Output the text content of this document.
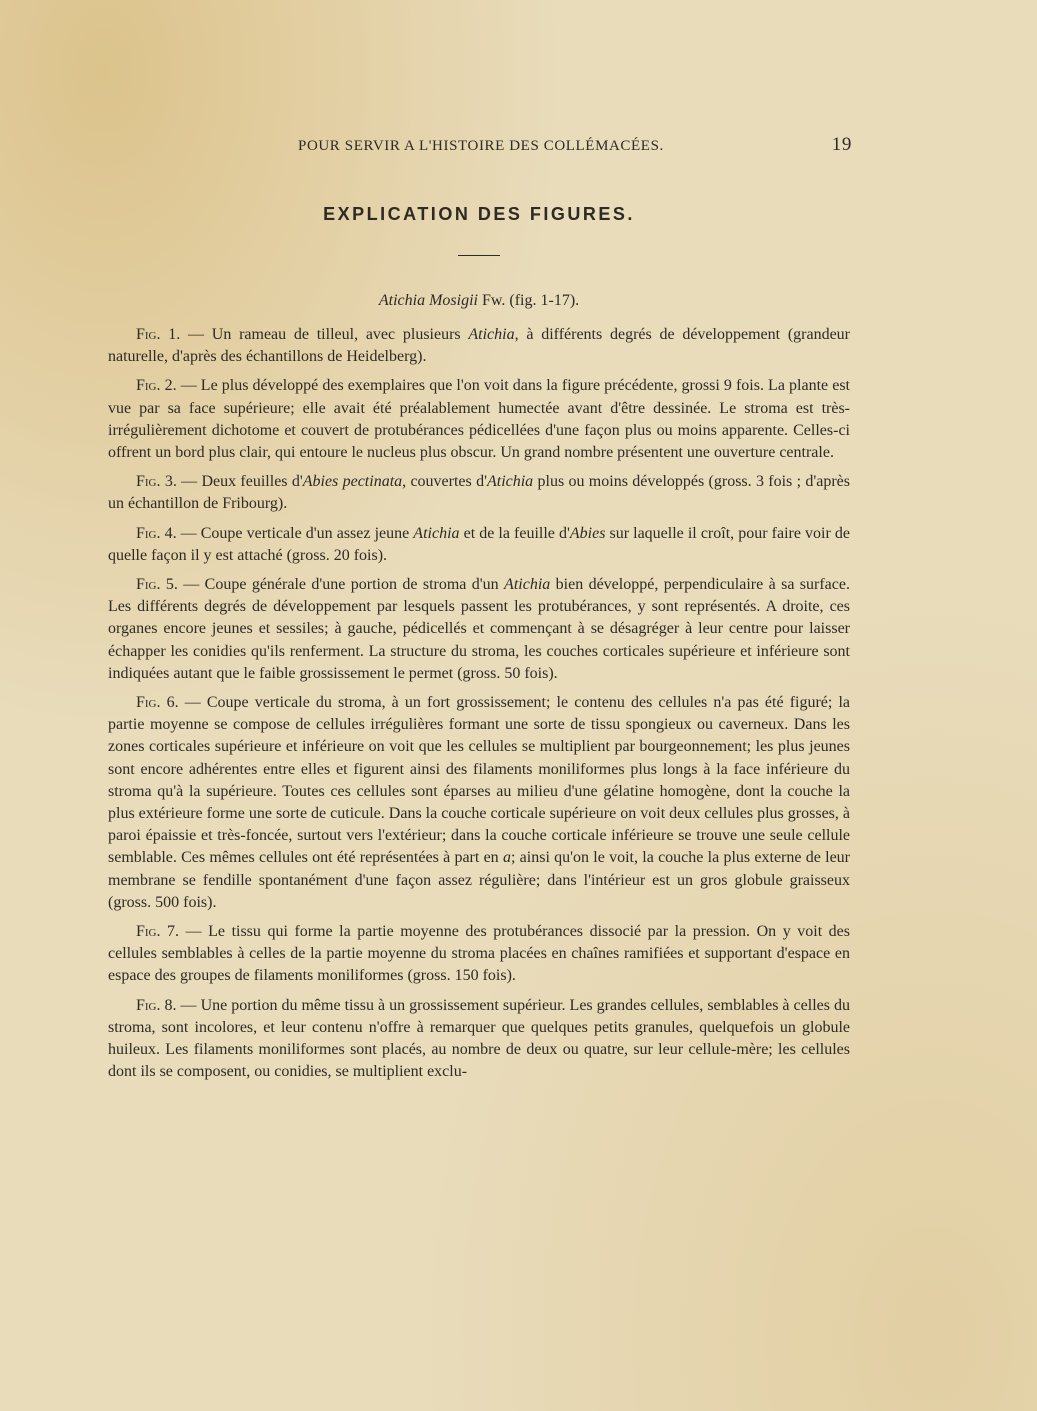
POUR SERVIR A L'HISTOIRE DES COLLÉMACÉES.	19
EXPLICATION DES FIGURES.
Atichia Mosigii Fw. (fig. 1-17).

Fig. 1. — Un rameau de tilleul, avec plusieurs Atichia, à différents degrés de développement (grandeur naturelle, d'après des échantillons de Heidelberg).

Fig. 2. — Le plus développé des exemplaires que l'on voit dans la figure précédente, grossi 9 fois. La plante est vue par sa face supérieure; elle avait été préalablement humectée avant d'être dessinée. Le stroma est très-irrégulièrement dichotome et couvert de protubérances pédicellées d'une façon plus ou moins apparente. Celles-ci offrent un bord plus clair, qui entoure le nucleus plus obscur. Un grand nombre présentent une ouverture centrale.

Fig. 3. — Deux feuilles d'Abies pectinata, couvertes d'Atichia plus ou moins développés (gross. 3 fois ; d'après un échantillon de Fribourg).

Fig. 4. — Coupe verticale d'un assez jeune Atichia et de la feuille d'Abies sur laquelle il croît, pour faire voir de quelle façon il y est attaché (gross. 20 fois).

Fig. 5. — Coupe générale d'une portion de stroma d'un Atichia bien développé, perpendiculaire à sa surface. Les différents degrés de développement par lesquels passent les protubérances, y sont représentés. A droite, ces organes encore jeunes et sessiles; à gauche, pédicellés et commençant à se désagréger à leur centre pour laisser échapper les conidies qu'ils renferment. La structure du stroma, les couches corticales supérieure et inférieure sont indiquées autant que le faible grossissement le permet (gross. 50 fois).

Fig. 6. — Coupe verticale du stroma, à un fort grossissement; le contenu des cellules n'a pas été figuré; la partie moyenne se compose de cellules irrégulières formant une sorte de tissu spongieux ou caverneux. Dans les zones corticales supérieure et inférieure on voit que les cellules se multiplient par bourgeonnement; les plus jeunes sont encore adhérentes entre elles et figurent ainsi des filaments moniliformes plus longs à la face inférieure du stroma qu'à la supérieure. Toutes ces cellules sont éparses au milieu d'une gélatine homogène, dont la couche la plus extérieure forme une sorte de cuticule. Dans la couche corticale supérieure on voit deux cellules plus grosses, à paroi épaissie et très-foncée, surtout vers l'extérieur; dans la couche corticale inférieure se trouve une seule cellule semblable. Ces mêmes cellules ont été représentées à part en a; ainsi qu'on le voit, la couche la plus externe de leur membrane se fendille spontanément d'une façon assez régulière; dans l'intérieur est un gros globule graisseux (gross. 500 fois).

Fig. 7. — Le tissu qui forme la partie moyenne des protubérances dissocié par la pression. On y voit des cellules semblables à celles de la partie moyenne du stroma placées en chaînes ramifiées et supportant d'espace en espace des groupes de filaments moniliformes (gross. 150 fois).

Fig. 8. — Une portion du même tissu à un grossissement supérieur. Les grandes cellules, semblables à celles du stroma, sont incolores, et leur contenu n'offre à remarquer que quelques petits granules, quelquefois un globule huileux. Les filaments moniliformes sont placés, au nombre de deux ou quatre, sur leur cellule-mère; les cellules dont ils se composent, ou conidies, se multiplient exclu-
